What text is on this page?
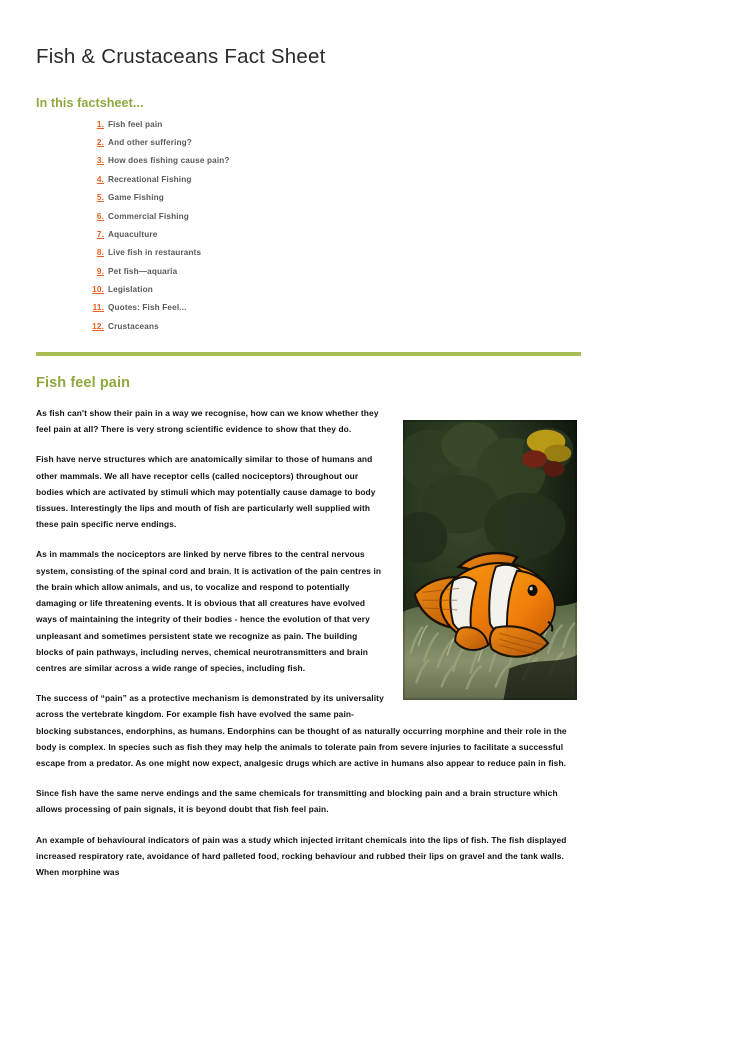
Fish & Crustaceans Fact Sheet
In this factsheet...
Fish feel pain
And other suffering?
How does fishing cause pain?
Recreational Fishing
Game Fishing
Commercial Fishing
Aquaculture
Live fish in restaurants
Pet fish—aquaria
Legislation
Quotes: Fish Feel...
Crustaceans
Fish feel pain

As fish can't show their pain in a way we recognise, how can we know whether they feel pain at all? There is very strong scientific evidence to show that they do.

Fish have nerve structures which are anatomically similar to those of humans and other mammals. We all have receptor cells (called nociceptors) throughout our bodies which are activated by stimuli which may potentially cause damage to body tissues. Interestingly the lips and mouth of fish are particularly well supplied with these pain specific nerve endings.

As in mammals the nociceptors are linked by nerve fibres to the central nervous system, consisting of the spinal cord and brain. It is activation of the pain centres in the brain which allow animals, and us, to vocalize and respond to potentially damaging or life threatening events. It is obvious that all creatures have evolved ways of maintaining the integrity of their bodies - hence the evolution of that very unpleasant and sometimes persistent state we recognize as pain. The building blocks of pain pathways, including nerves, chemical neurotransmitters and brain centres are similar across a wide range of species, including fish.

The success of “pain” as a protective mechanism is demonstrated by its universality across the vertebrate kingdom. For example fish have evolved the same pain-blocking substances, endorphins, as humans. Endorphins can be thought of as naturally occurring morphine and their role in the body is complex. In species such as fish they may help the animals to tolerate pain from severe injuries to facilitate a successful escape from a predator. As one might now expect, analgesic drugs which are active in humans also appear to reduce pain in fish.

Since fish have the same nerve endings and the same chemicals for transmitting and blocking pain and a brain structure which allows processing of pain signals, it is beyond doubt that fish feel pain.

An example of behavioural indicators of pain was a study which injected irritant chemicals into the lips of fish. The fish displayed increased respiratory rate, avoidance of hard palleted food, rocking behaviour and rubbed their lips on gravel and the tank walls. When morphine was
